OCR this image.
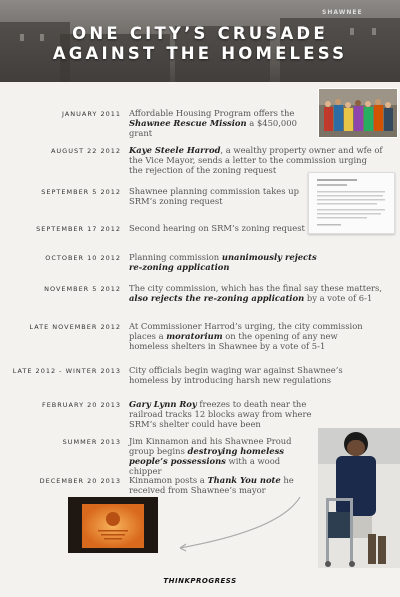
SHAWNEE
ONE CITY’S CRUSADE
AGAINST THE HOMELESS
JANUARY 2011 Affordable Housing Program offers the Shawnee Rescue Mission a $450,000 grant
AUGUST 22 2012 Kaye Steele Harrod, a wealthy property owner and wfe of the Vice Mayor, sends a letter to the commission urging the rejection of the zoning request
SEPTEMBER 5 2012 Shawnee planning commission takes up SRM’s zoning request
SEPTEMBER 17 2012 Second hearing on SRM’s zoning request
OCTOBER 10 2012 Planning commission unanimously rejects re-zoning application
NOVEMBER 5 2012 The city commission, which has the final say these matters, also rejects the re-zoning application by a vote of 6-1
LATE NOVEMBER 2012 At Commissioner Harrod’s urging, the city commission places a moratorium on the opening of any new homeless shelters in Shawnee by a vote of 5-1
LATE 2012 - WINTER 2013 City officials begin waging war against Shawnee’s homeless by introducing harsh new regulations
FEBRUARY 20 2013 Gary Lynn Roy freezes to death near the railroad tracks 12 blocks away from where SRM’s shelter could have been
SUMMER 2013 Jim Kinnamon and his Shawnee Proud group begins destroying homeless people’s possessions with a wood chipper
DECEMBER 20 2013 Kinnamon posts a Thank You note he received from Shawnee’s mayor
THINKPROGRESS
